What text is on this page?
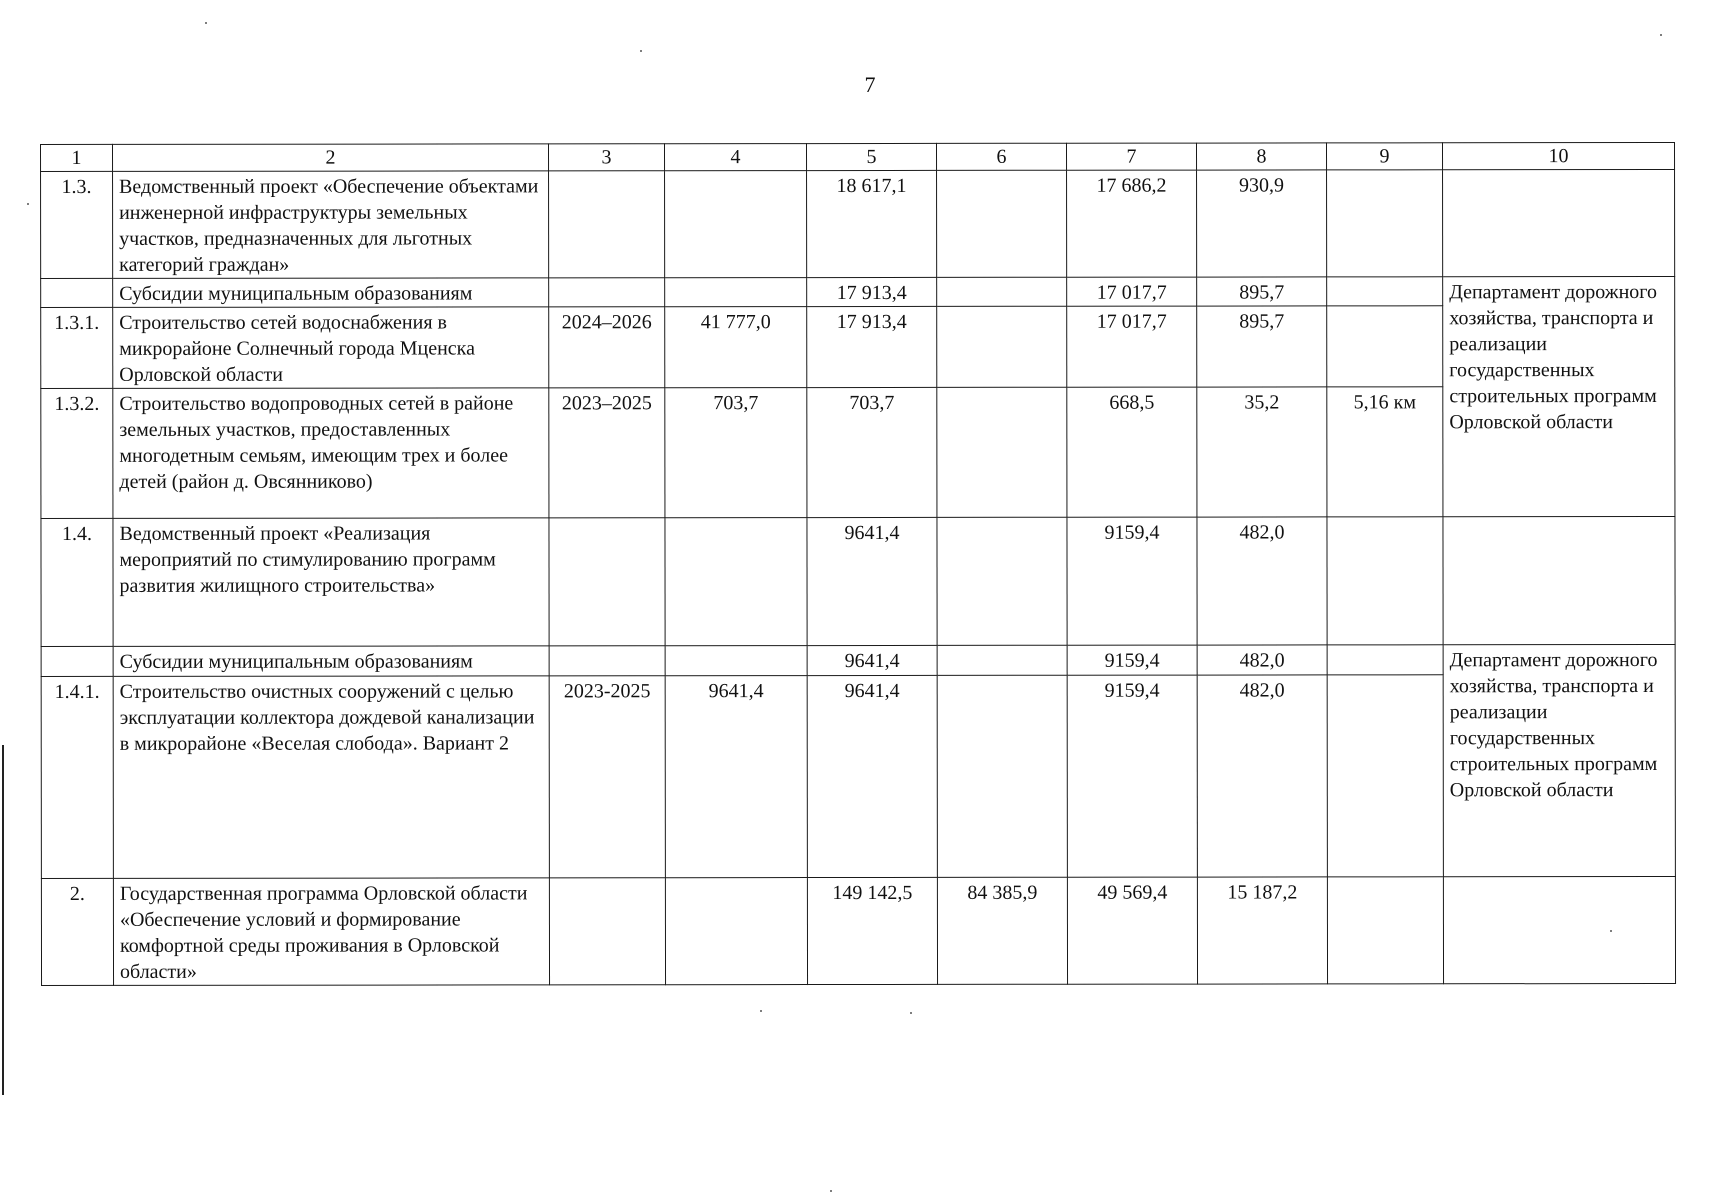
7
1	2	3	4	5	6	7	8	9	10
1.3.	Ведомственный проект «Обеспечение объектами инженерной инфраструктуры земельных участков, предназначенных для льготных категорий граждан»			18 617,1		17 686,2	930,9		
	Субсидии муниципальным образованиям			17 913,4		17 017,7	895,7		Департамент дорожного хозяйства, транспорта и реализации государственных строительных программ Орловской области
1.3.1.	Строительство сетей водоснабжения в микрорайоне Солнечный города Мценска Орловской области	2024–2026	41 777,0	17 913,4		17 017,7	895,7		
1.3.2.	Строительство водопроводных сетей в районе земельных участков, предоставленных многодетным семьям, имеющим трех и более детей (район д. Овсянниково)	2023–2025	703,7	703,7		668,5	35,2	5,16 км	
1.4.	Ведомственный проект «Реализация мероприятий по стимулированию программ развития жилищного строительства»			9641,4		9159,4	482,0		
	Субсидии муниципальным образованиям			9641,4		9159,4	482,0		Департамент дорожного хозяйства, транспорта и реализации государственных строительных программ Орловской области
1.4.1.	Строительство очистных сооружений с целью эксплуатации коллектора дождевой канализации в микрорайоне «Веселая слобода». Вариант 2	2023-2025	9641,4	9641,4		9159,4	482,0		
2.	Государственная программа Орловской области «Обеспечение условий и формирование комфортной среды проживания в Орловской области»			149 142,5	84 385,9	49 569,4	15 187,2		
